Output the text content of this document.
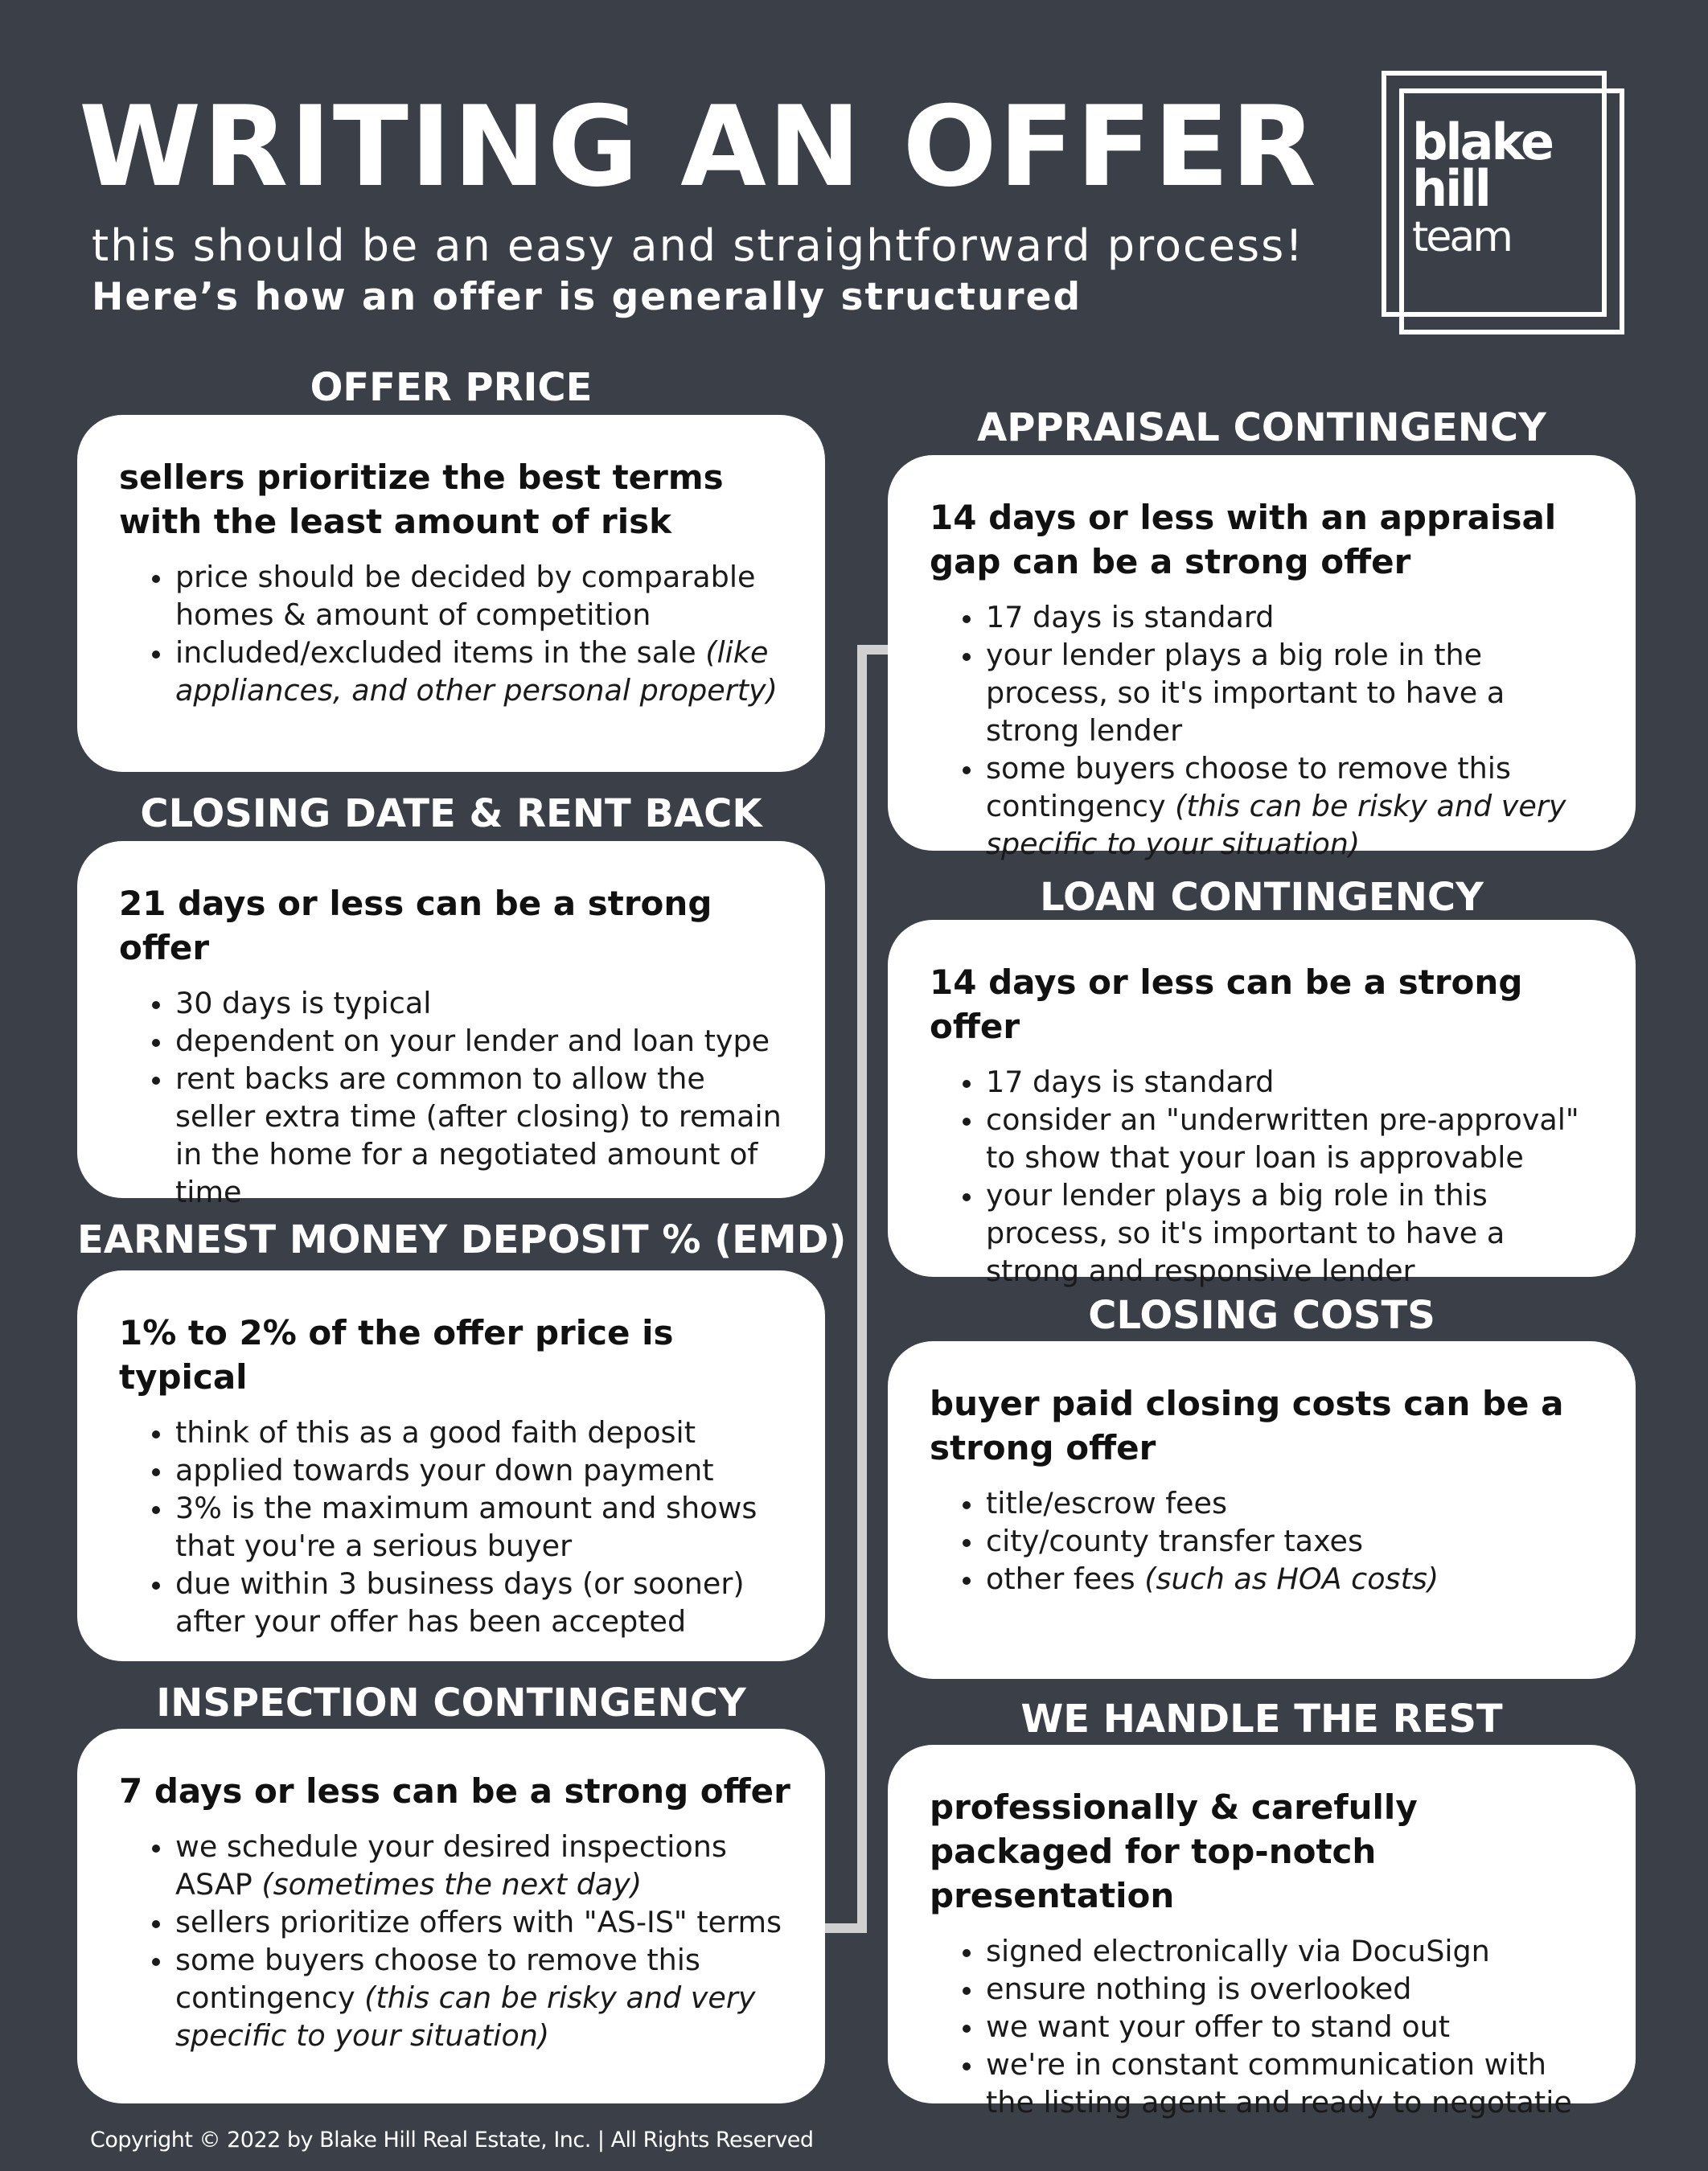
WRITING AN OFFER
this should be an easy and straightforward process!
Here’s how an offer is generally structured
blake
hill
team
OFFER PRICE

sellers prioritize the best terms with the least amount of risk

• price should be decided by comparable homes & amount of competition
• included/excluded items in the sale (like appliances, and other personal property)
CLOSING DATE & RENT BACK

21 days or less can be a strong offer

• 30 days is typical
• dependent on your lender and loan type
• rent backs are common to allow the seller extra time (after closing) to remain in the home for a negotiated amount of time
EARNEST MONEY DEPOSIT % (EMD)

1% to 2% of the offer price is typical

• think of this as a good faith deposit
• applied towards your down payment
• 3% is the maximum amount and shows that you're a serious buyer
• due within 3 business days (or sooner) after your offer has been accepted
INSPECTION CONTINGENCY

7 days or less can be a strong offer

• we schedule your desired inspections ASAP (sometimes the next day)
• sellers prioritize offers with "AS-IS" terms
• some buyers choose to remove this contingency (this can be risky and very specific to your situation)
APPRAISAL CONTINGENCY

14 days or less with an appraisal gap can be a strong offer

• 17 days is standard
• your lender plays a big role in the process, so it's important to have a strong lender
• some buyers choose to remove this contingency (this can be risky and very specific to your situation)
LOAN CONTINGENCY

14 days or less can be a strong offer

• 17 days is standard
• consider an "underwritten pre-approval" to show that your loan is approvable
• your lender plays a big role in this process, so it's important to have a strong and responsive lender
CLOSING COSTS

buyer paid closing costs can be a strong offer

• title/escrow fees
• city/county transfer taxes
• other fees (such as HOA costs)
WE HANDLE THE REST

professionally & carefully packaged for top-notch presentation

• signed electronically via DocuSign
• ensure nothing is overlooked
• we want your offer to stand out
• we're in constant communication with the listing agent and ready to negotatie
Copyright © 2022 by Blake Hill Real Estate, Inc. | All Rights Reserved
